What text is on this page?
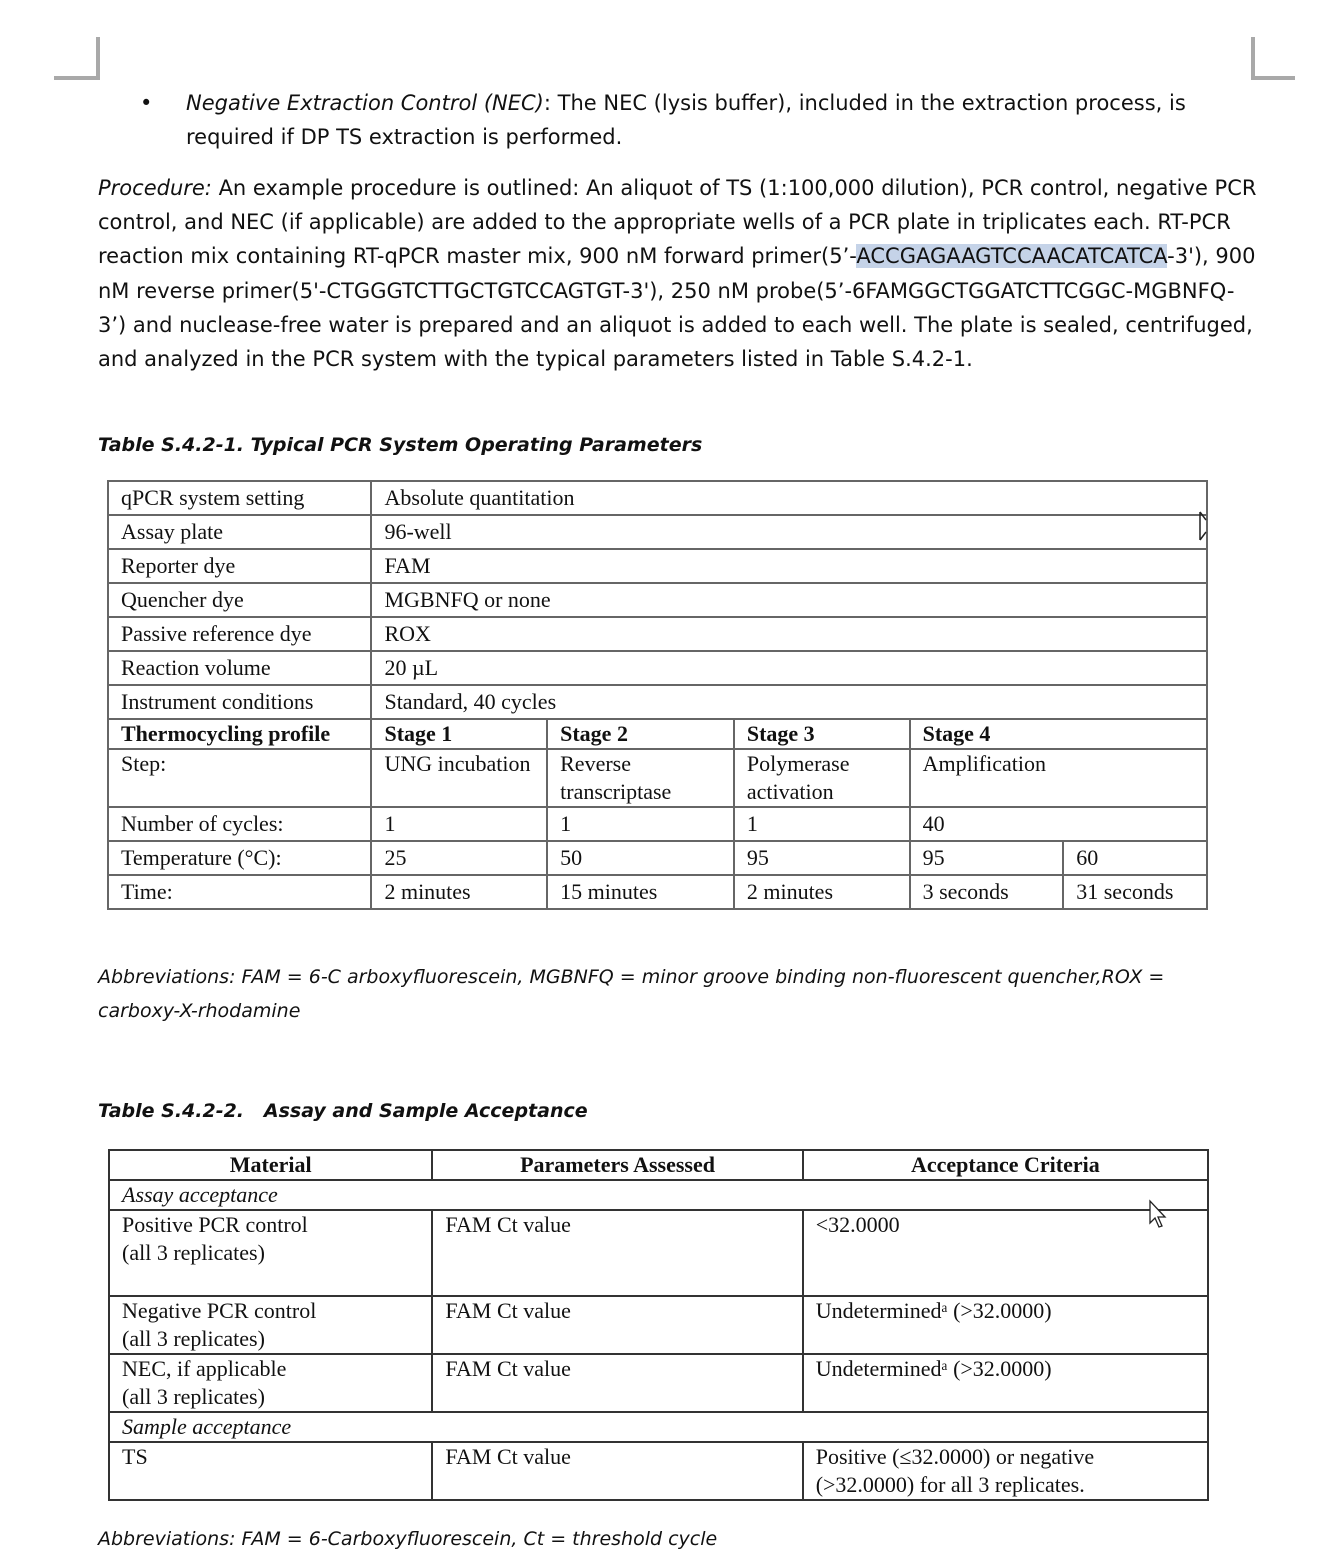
•	Negative Extraction Control (NEC): The NEC (lysis buffer), included in the extraction process, is required if DP TS extraction is performed.
Procedure: An example procedure is outlined: An aliquot of TS (1:100,000 dilution), PCR control, negative PCR control, and NEC (if applicable) are added to the appropriate wells of a PCR plate in triplicates each. RT-PCR reaction mix containing RT-qPCR master mix, 900 nM forward primer(5’-ACCGAGAAGTCCAACATCATCA-3'), 900 nM reverse primer(5'-CTGGGTCTTGCTGTCCAGTGT-3'), 250 nM probe(5’-6FAMGGCTGGATCTTCGGC-MGBNFQ-3’) and nuclease-free water is prepared and an aliquot is added to each well. The plate is sealed, centrifuged, and analyzed in the PCR system with the typical parameters listed in Table S.4.2-1.
Table S.4.2-1. Typical PCR System Operating Parameters
qPCR system setting	Absolute quantitation				
Assay plate	96-well				
Reporter dye	FAM				
Quencher dye	MGBNFQ or none				
Passive reference dye	ROX				
Reaction volume	20 µL				
Instrument conditions	Standard, 40 cycles				
Thermocycling profile	Stage 1	Stage 2	Stage 3	Stage 4	
Step:	UNG incubation	Reverse transcriptase	Polymerase activation	Amplification	
Number of cycles:	1	1	1	40	
Temperature (°C):	25	50	95	95	60
Time:	2 minutes	15 minutes	2 minutes	3 seconds	31 seconds
Abbreviations: FAM = 6-C arboxyfluorescein, MGBNFQ = minor groove binding non-fluorescent quencher,ROX = carboxy-X-rhodamine
Table S.4.2-2.   Assay and Sample Acceptance
Material	Parameters Assessed	Acceptance Criteria
Assay acceptance		

Positive PCR control
(all 3 replicates)	FAM Ct value	<32.0000

Negative PCR control
(all 3 replicates)	FAM Ct value	Undeterminedᵃ (>32.0000)

NEC, if applicable
(all 3 replicates)	FAM Ct value	Undeterminedᵃ (>32.0000)
Sample acceptance		
TS	FAM Ct value	Positive (≤32.0000) or negative (>32.0000) for all 3 replicates.
Abbreviations: FAM = 6-Carboxyfluorescein, Ct = threshold cycle
